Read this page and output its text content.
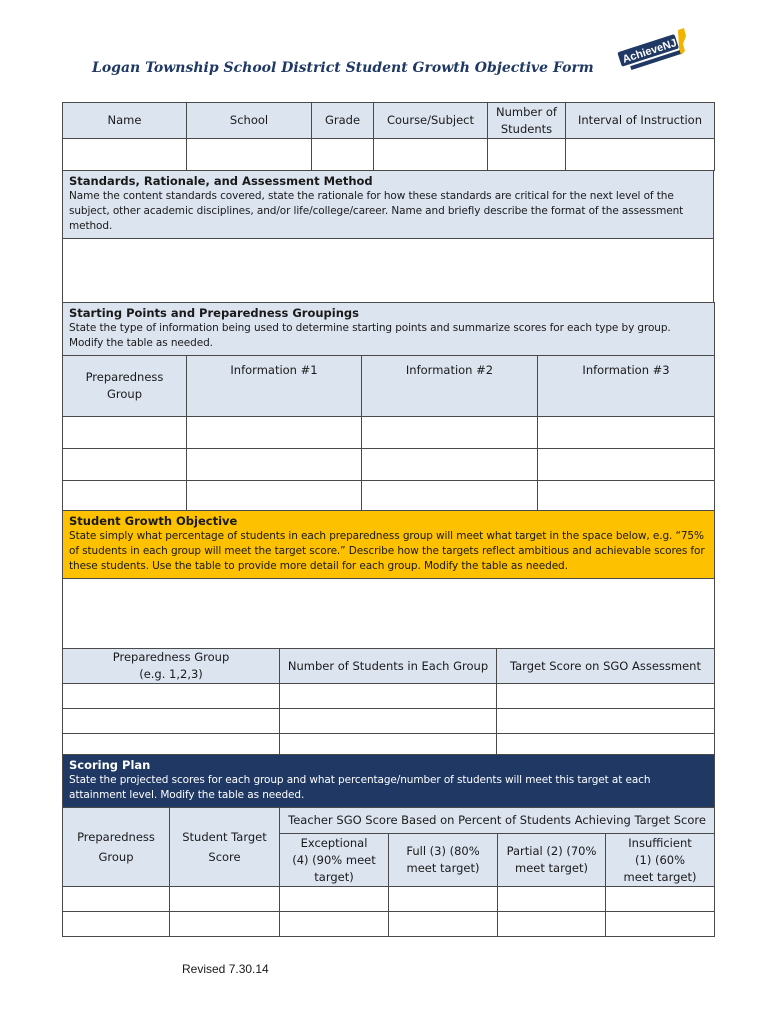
Logan Township School District Student Growth Objective Form
AchieveNJ
Name	School	Grade	Course/Subject	Number of Students	Interval of Instruction

Standards, Rationale, and Assessment Method
Name the content standards covered, state the rationale for how these standards are critical for the next level of the subject, other academic disciplines, and/or life/college/career. Name and briefly describe the format of the assessment method.

Starting Points and Preparedness Groupings
State the type of information being used to determine starting points and summarize scores for each type by group. Modify the table as needed.			

Preparedness Group	Information #1	Information #2	Information #3

Student Growth Objective
State simply what percentage of students in each preparedness group will meet what target in the space below, e.g. “75% of students in each group will meet the target score.” Describe how the targets reflect ambitious and achievable scores for these students. Use the table to provide more detail for each group. Modify the table as needed.		

Preparedness Group (e.g. 1,2,3)	Number of Students in Each Group	Target Score on SGO Assessment

Scoring Plan
State the projected scores for each group and what percentage/number of students will meet this target at each attainment level. Modify the table as needed.					

Preparedness Group	Student Target Score	Teacher SGO Score Based on Percent of Students Achieving Target Score			
		Exceptional (4) (90% meet target)	Full (3) (80% meet target)	Partial (2) (70% meet target)	Insufficient (1) (60% meet target)

Revised 7.30.14
